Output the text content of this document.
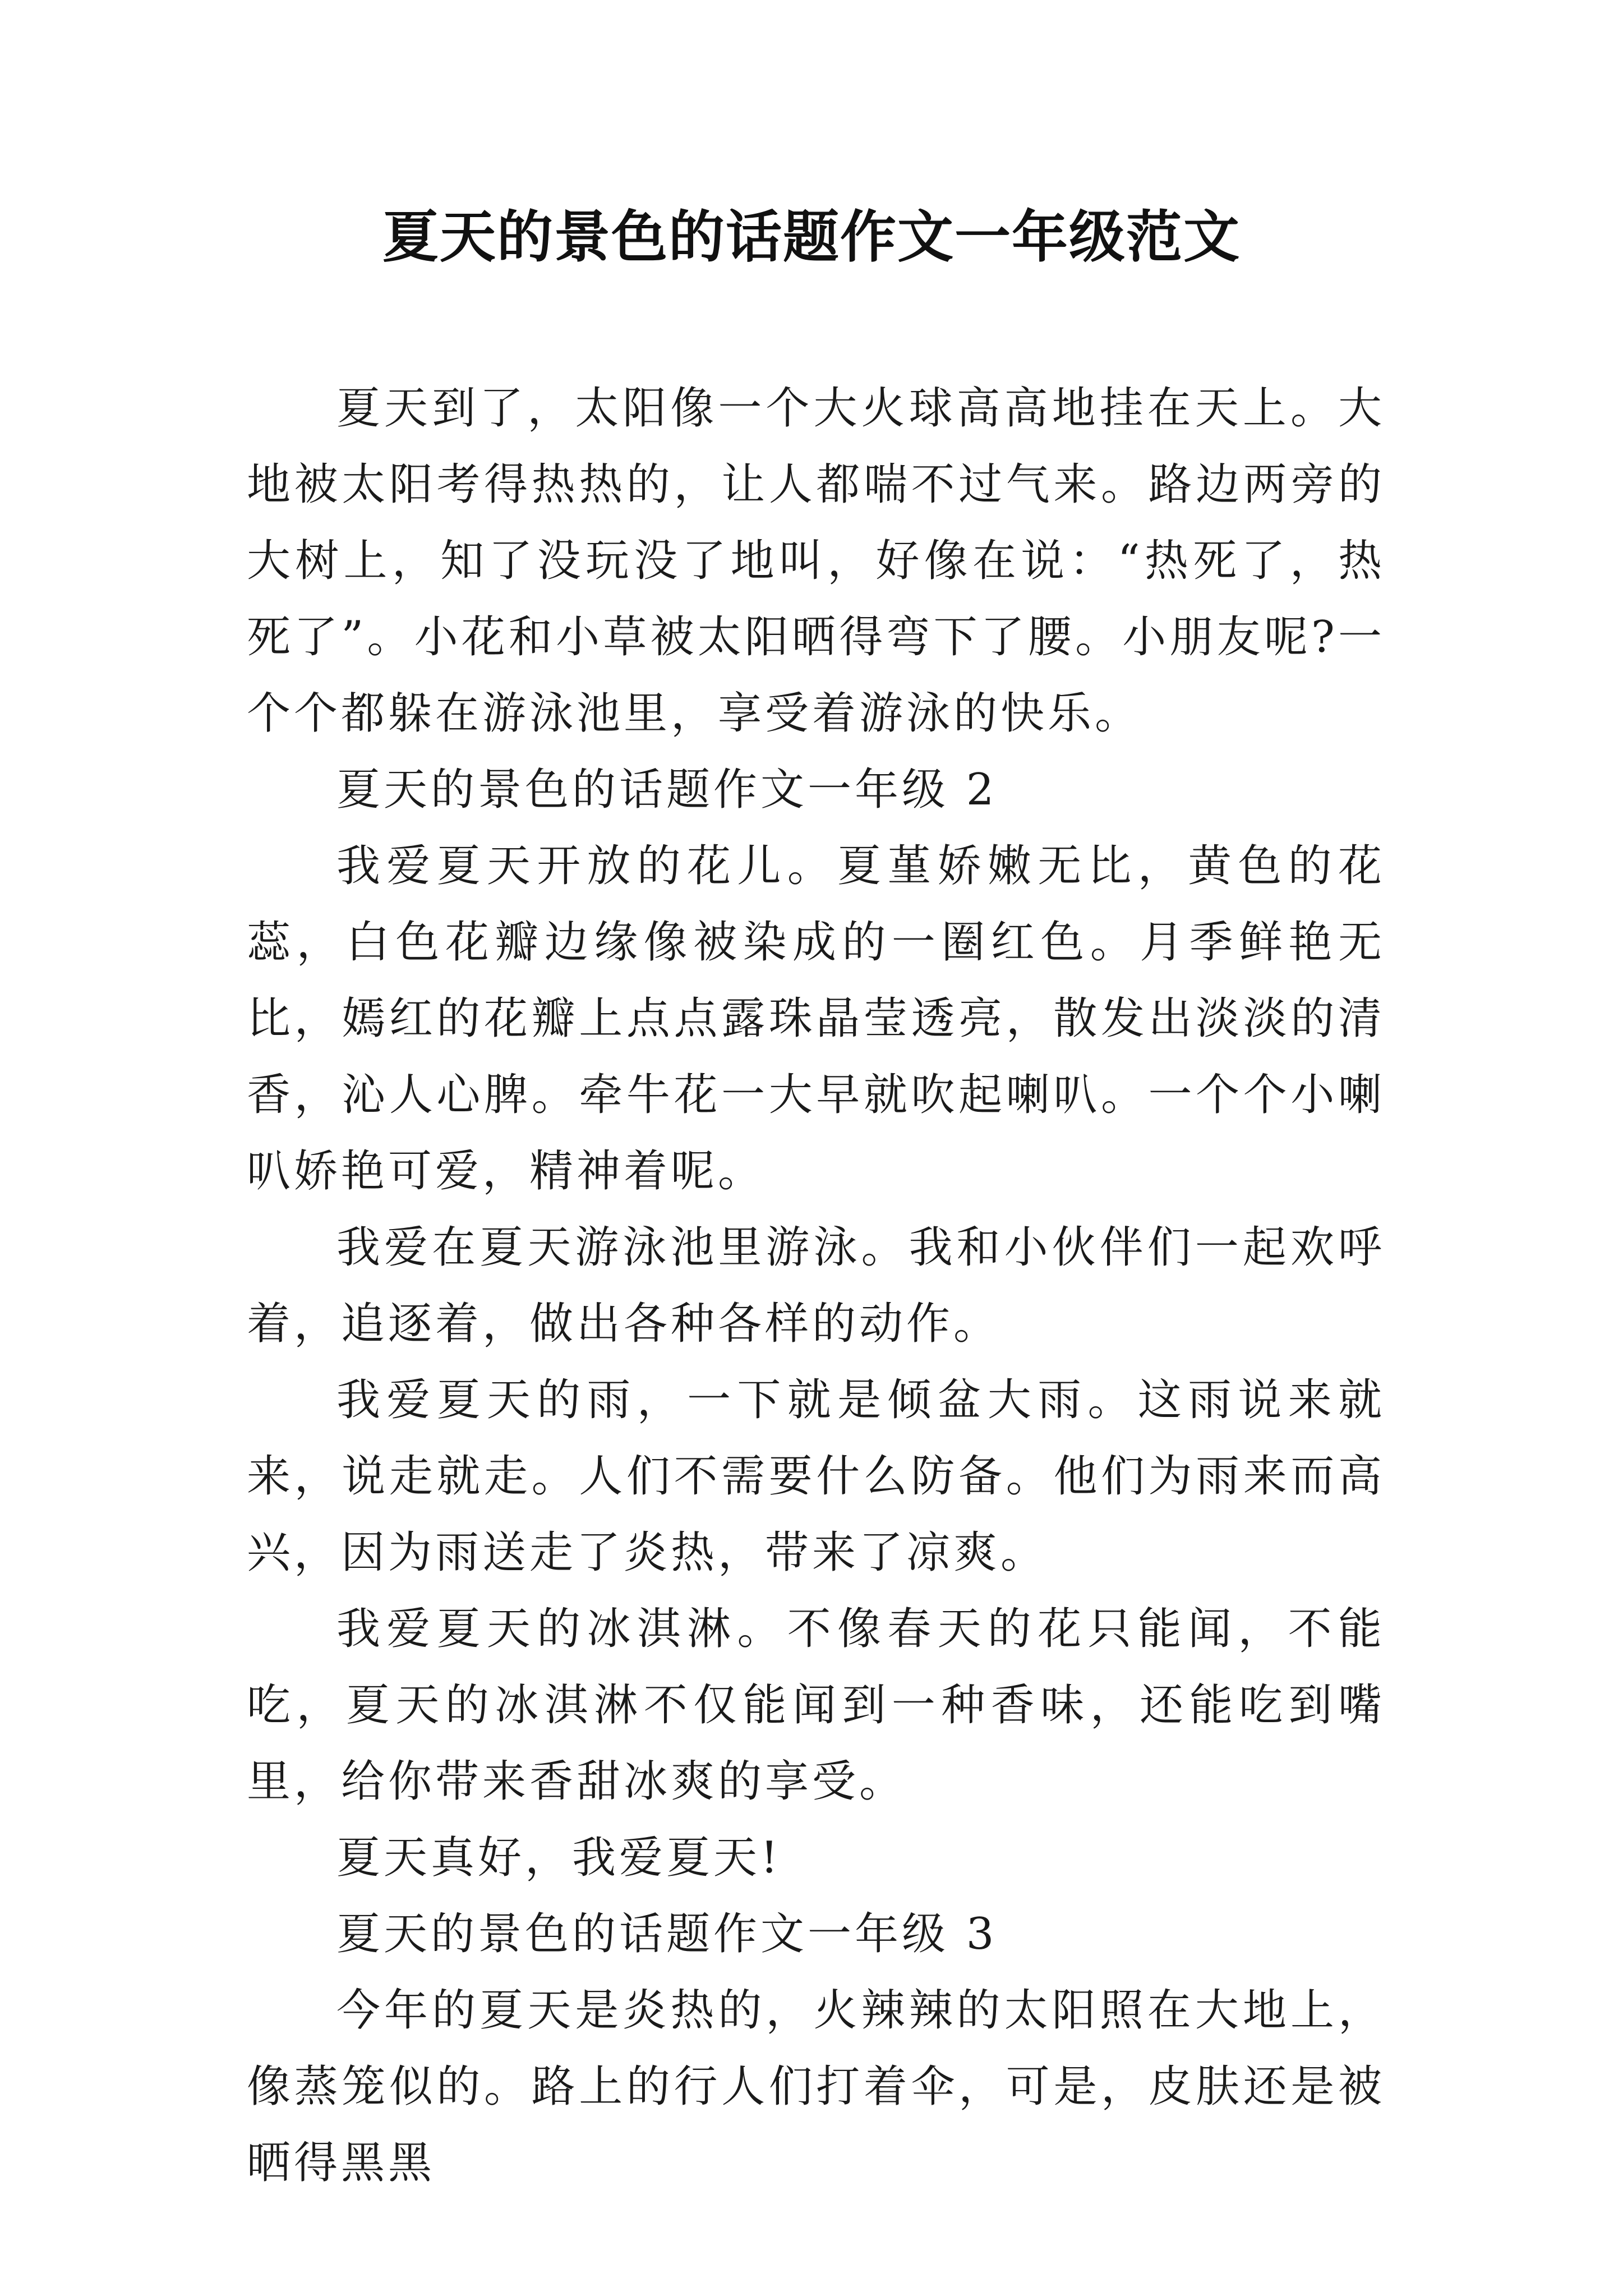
夏天的景色的话题作文一年级范文

夏天到了，太阳像一个大火球高高地挂在天上。大地被太阳考得热热的，让人都喘不过气来。路边两旁的大树上，知了没玩没了地叫，好像在说：“热死了，热死了”。小花和小草被太阳晒得弯下了腰。小朋友呢?一个个都躲在游泳池里，享受着游泳的快乐。

夏天的景色的话题作文一年级 2

我爱夏天开放的花儿。夏堇娇嫩无比，黄色的花蕊，白色花瓣边缘像被染成的一圈红色。月季鲜艳无比，嫣红的花瓣上点点露珠晶莹透亮，散发出淡淡的清香，沁人心脾。牵牛花一大早就吹起喇叭。一个个小喇叭娇艳可爱，精神着呢。

我爱在夏天游泳池里游泳。我和小伙伴们一起欢呼着，追逐着，做出各种各样的动作。

我爱夏天的雨，一下就是倾盆大雨。这雨说来就来，说走就走。人们不需要什么防备。他们为雨来而高兴，因为雨送走了炎热，带来了凉爽。

我爱夏天的冰淇淋。不像春天的花只能闻，不能吃，夏天的冰淇淋不仅能闻到一种香味，还能吃到嘴里，给你带来香甜冰爽的享受。

夏天真好，我爱夏天!

夏天的景色的话题作文一年级 3

今年的夏天是炎热的，火辣辣的太阳照在大地上，像蒸笼似的。路上的行人们打着伞，可是，皮肤还是被晒得黑黑
